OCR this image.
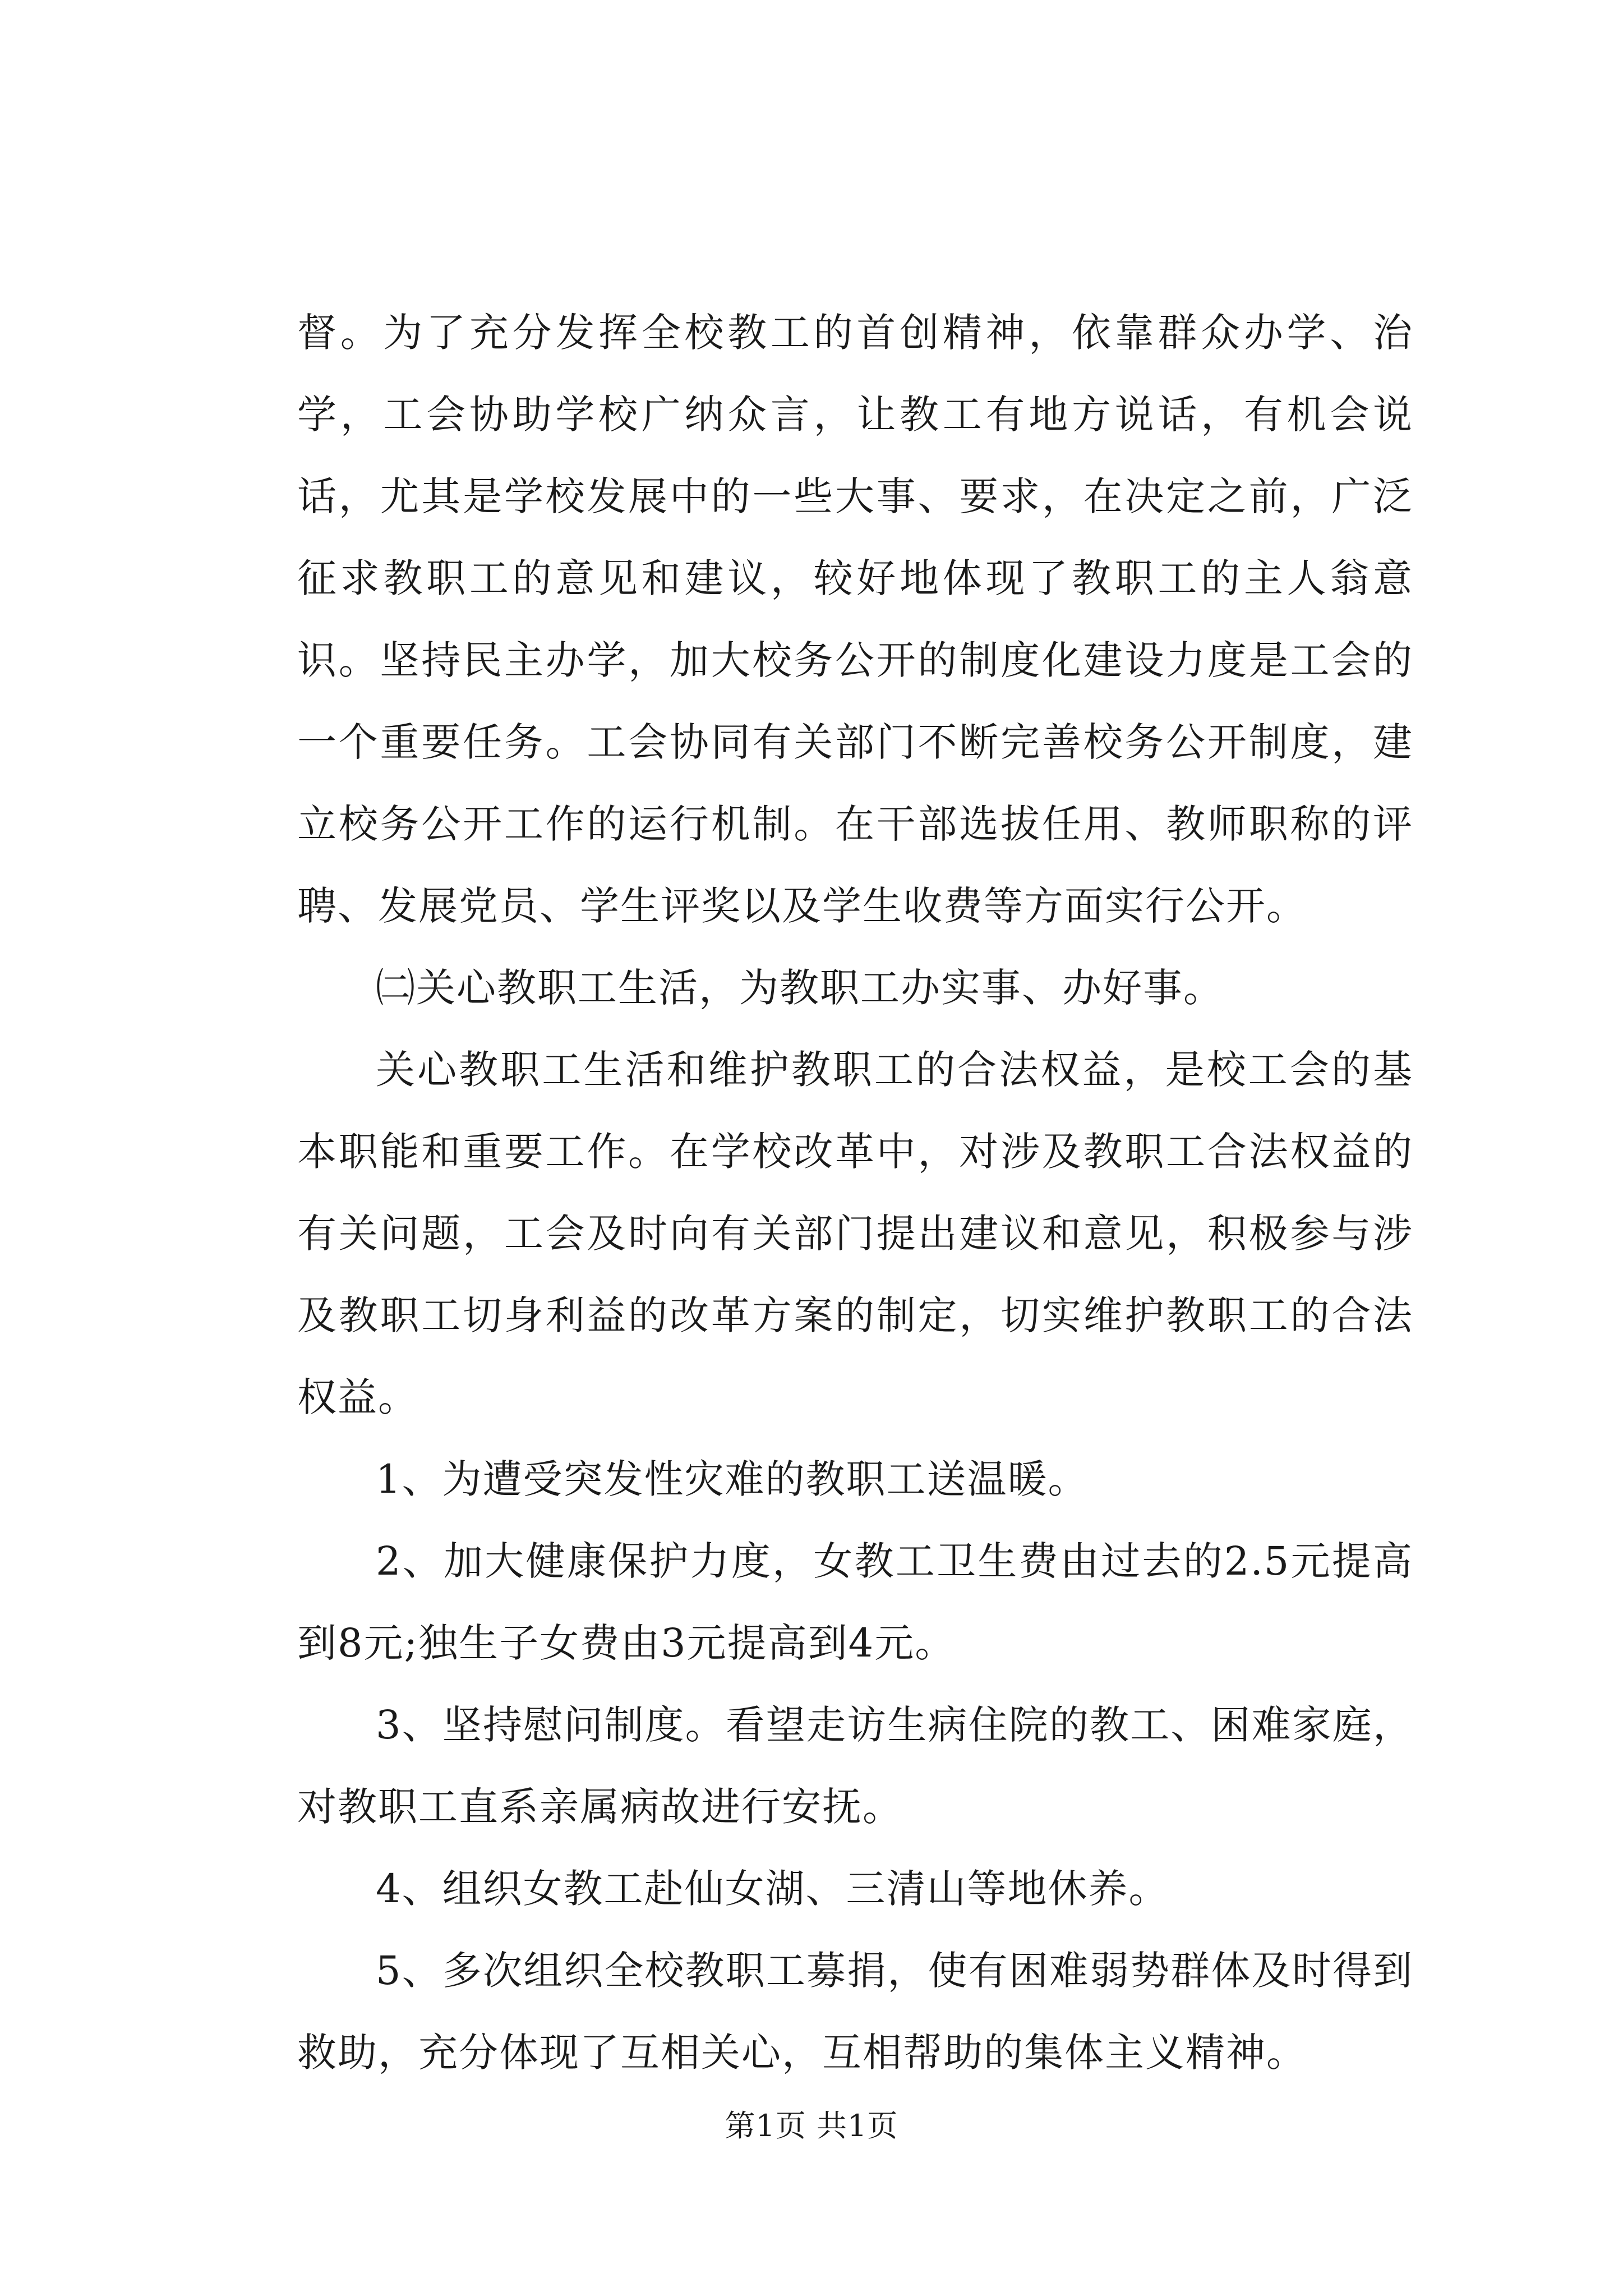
督。为了充分发挥全校教工的首创精神，依靠群众办学、治学，工会协助学校广纳众言，让教工有地方说话，有机会说话，尤其是学校发展中的一些大事、要求，在决定之前，广泛征求教职工的意见和建议，较好地体现了教职工的主人翁意识。坚持民主办学，加大校务公开的制度化建设力度是工会的一个重要任务。工会协同有关部门不断完善校务公开制度，建立校务公开工作的运行机制。在干部选拔任用、教师职称的评聘、发展党员、学生评奖以及学生收费等方面实行公开。

㈡关心教职工生活，为教职工办实事、办好事。

关心教职工生活和维护教职工的合法权益，是校工会的基本职能和重要工作。在学校改革中，对涉及教职工合法权益的有关问题，工会及时向有关部门提出建议和意见，积极参与涉及教职工切身利益的改革方案的制定，切实维护教职工的合法权益。

1、为遭受突发性灾难的教职工送温暖。

2、加大健康保护力度，女教工卫生费由过去的2.5元提高到8元;独生子女费由3元提高到4元。

3、坚持慰问制度。看望走访生病住院的教工、困难家庭，对教职工直系亲属病故进行安抚。

4、组织女教工赴仙女湖、三清山等地休养。

5、多次组织全校教职工募捐，使有困难弱势群体及时得到救助，充分体现了互相关心，互相帮助的集体主义精神。

第1页 共1页
